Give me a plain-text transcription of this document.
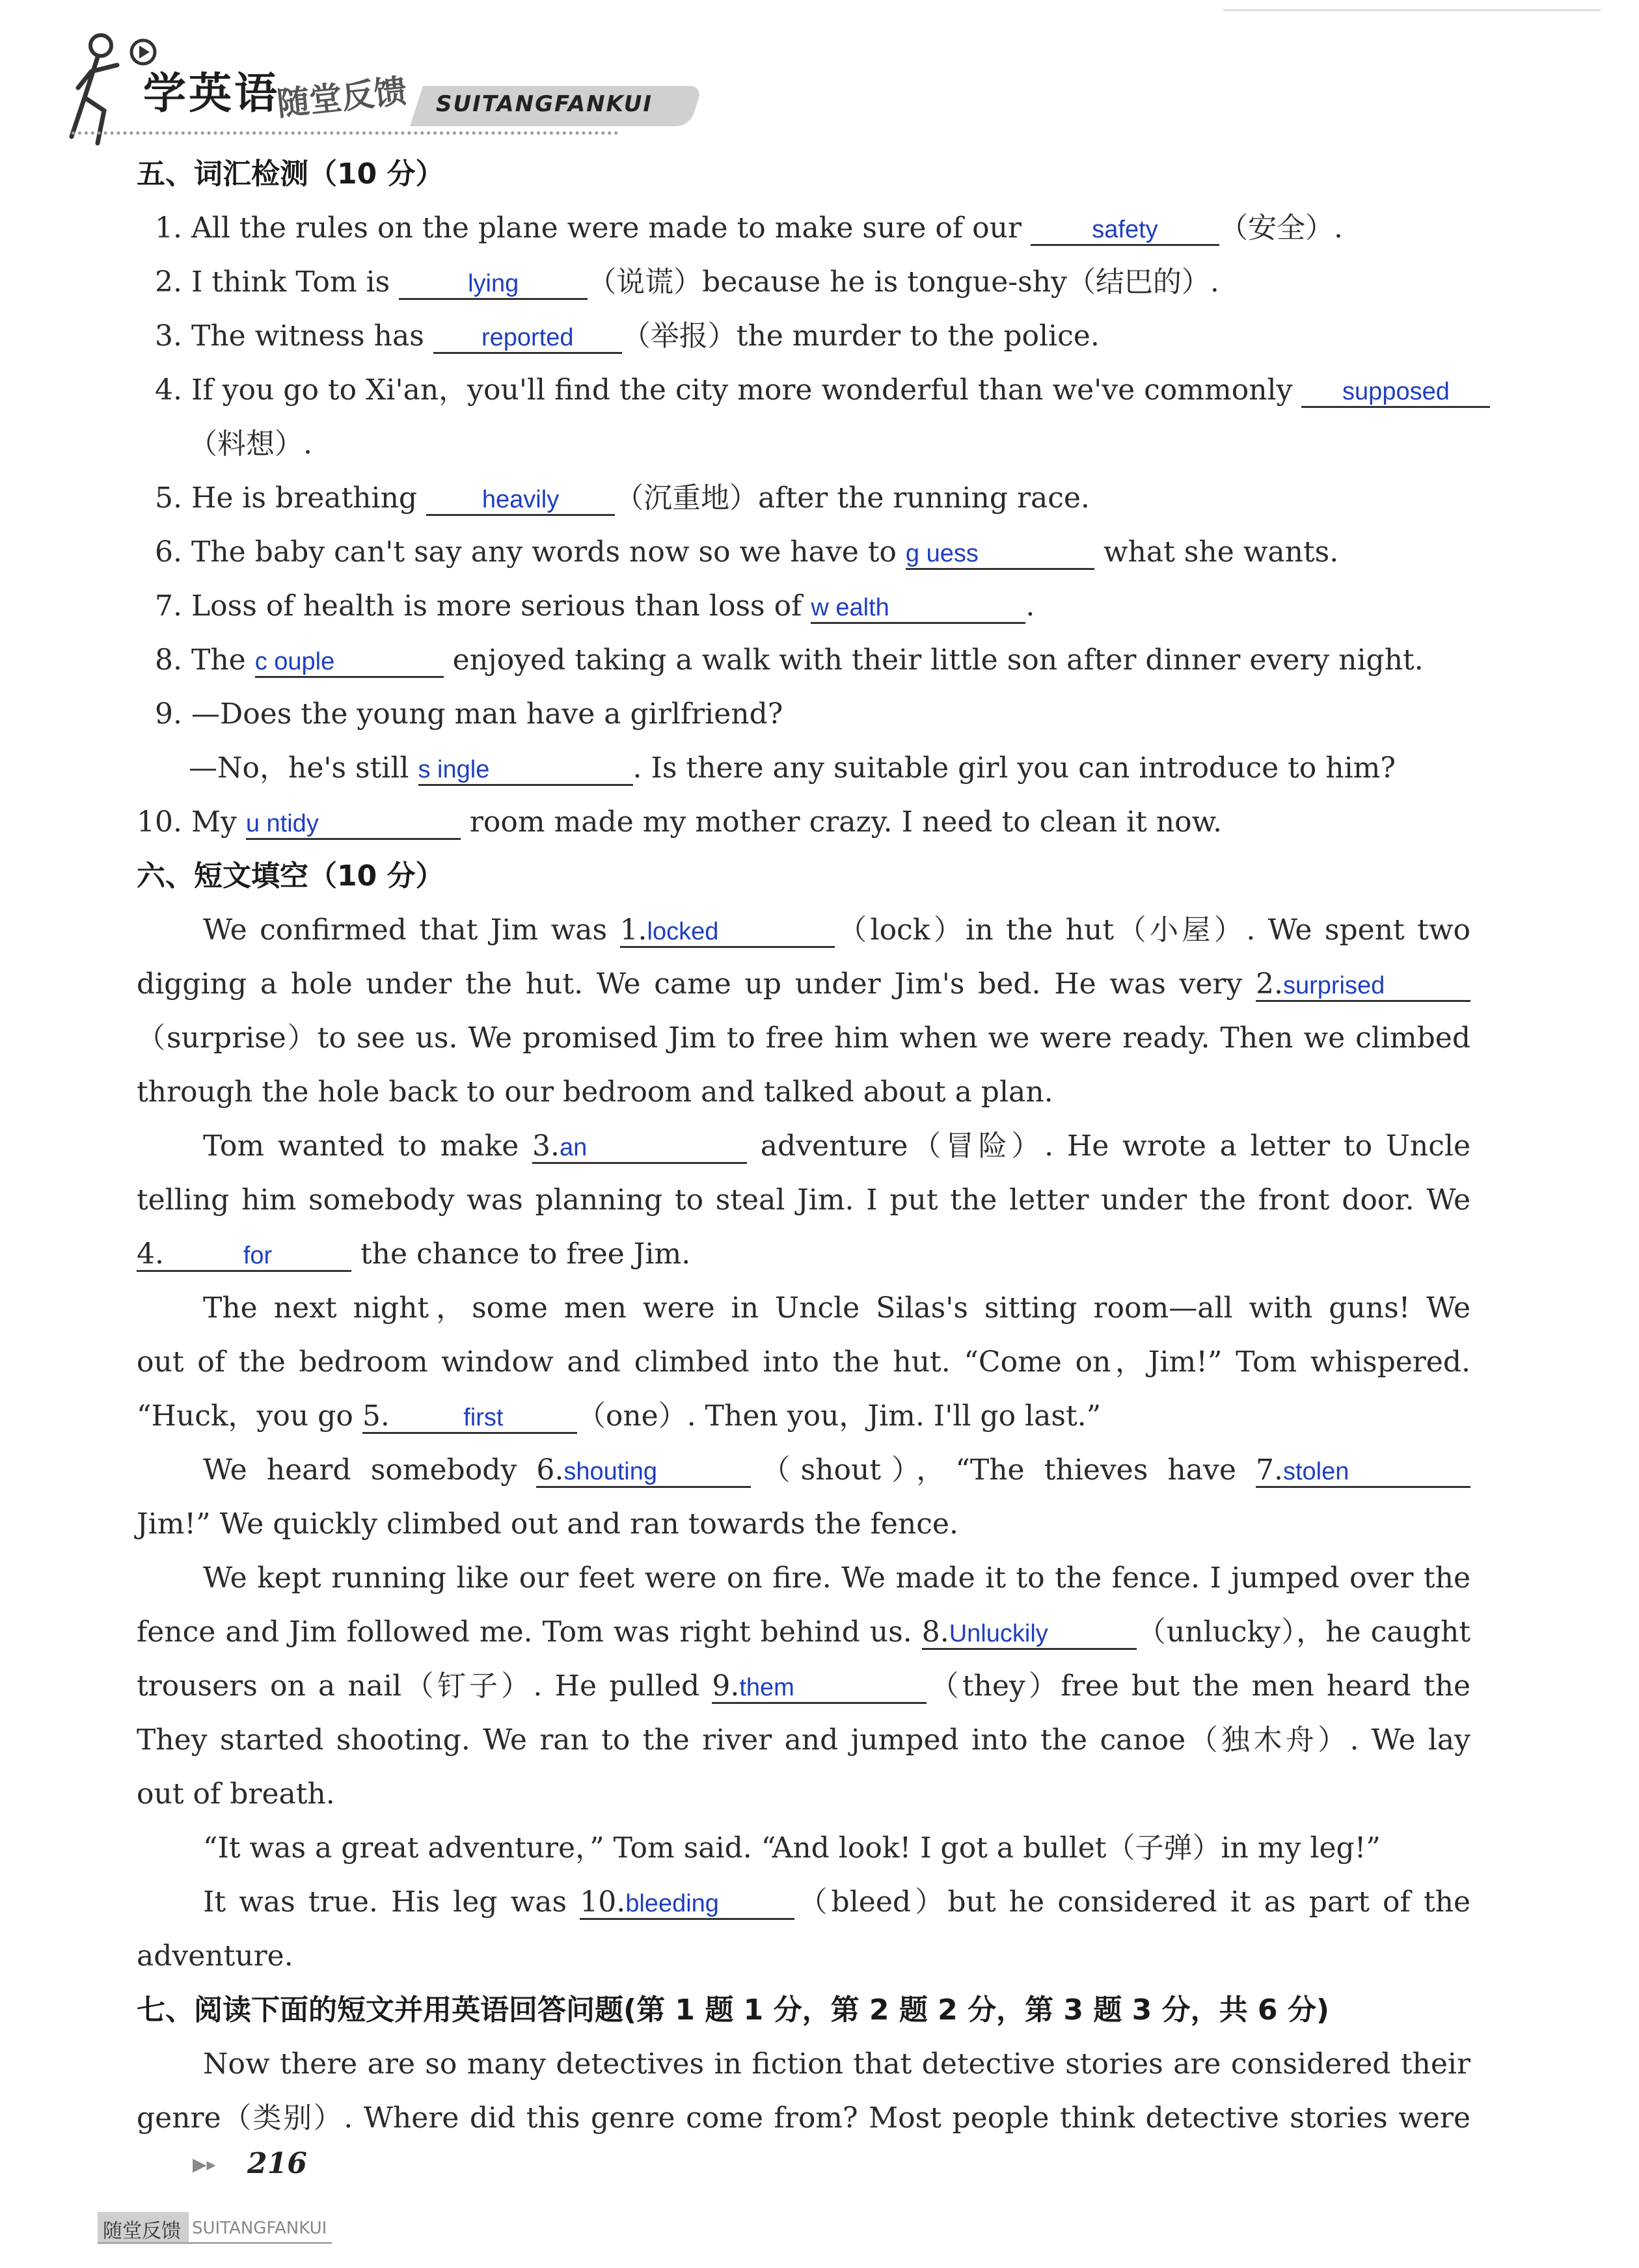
学英语
随堂反馈 SUITANGFANKUI
五、词汇检测（10 分）
1. All the rules on the plane were made to make sure of our safety （安全）.
2. I think Tom is	lying （说谎）because he is tongue-shy（结巴的）.
3. The witness has reported （举报）the murder to the police.
4. If you go to Xi'an，you'll find the city more wonderful than we've commonly supposed
（料想）.
5. He is breathing heavily （沉重地）after the running race.
6. The baby can't say any words now so we have to g uess	what she wants.
7. Loss of health is more serious than loss of w ealth	.
8. The c ouple	enjoyed taking a walk with their little son after dinner every night.
9. —Does the young man have a girlfriend?
—No，he's still s ingle	. Is there any suitable girl you can introduce to him?
10. My u ntidy	room made my mother crazy. I need to clean it now.
六、短文填空（10 分）
We confirmed that Jim was 1. locked	（lock）in the hut（小屋）. We spent two
digging a hole under the hut. We came up under Jim's bed. He was very 2. surprised
（surprise）to see us. We promised Jim to free him when we were ready. Then we climbed
through the hole back to our bedroom and talked about a plan.
Tom wanted to make 3. an	adventure（冒险）. He wrote a letter to Uncle
telling him somebody was planning to steal Jim. I put the letter under the front door. We
4.	for	the chance to free Jim.
The next night，some men were in Uncle Silas's sitting room—all with guns! We
out of the bedroom window and climbed into the hut. “Come on，Jim!” Tom whispered.
“Huck，you go 5.	first	（one）. Then you，Jim. I'll go last.”
We heard somebody 6. shouting	（shout），“The thieves have 7. stolen
Jim!” We quickly climbed out and ran towards the fence.
We kept running like our feet were on fire. We made it to the fence. I jumped over the
fence and Jim followed me. Tom was right behind us. 8. Unluckily	（unlucky），he caught
trousers on a nail（钉子）. He pulled 9. them	（they）free but the men heard the
They started shooting. We ran to the river and jumped into the canoe（独木舟）. We lay
out of breath.
“It was a great adventure，” Tom said. “And look! I got a bullet（子弹）in my leg!”
It was true. His leg was 10. bleeding	（bleed）but he considered it as part of the
adventure.
七、阅读下面的短文并用英语回答问题(第 1 题 1 分，第 2 题 2 分，第 3 题 3 分，共 6 分)
Now there are so many detectives in fiction that detective stories are considered their
genre（类别）. Where did this genre come from? Most people think detective stories were
▶▸ 216
随堂反馈 SUITANGFANKUI
